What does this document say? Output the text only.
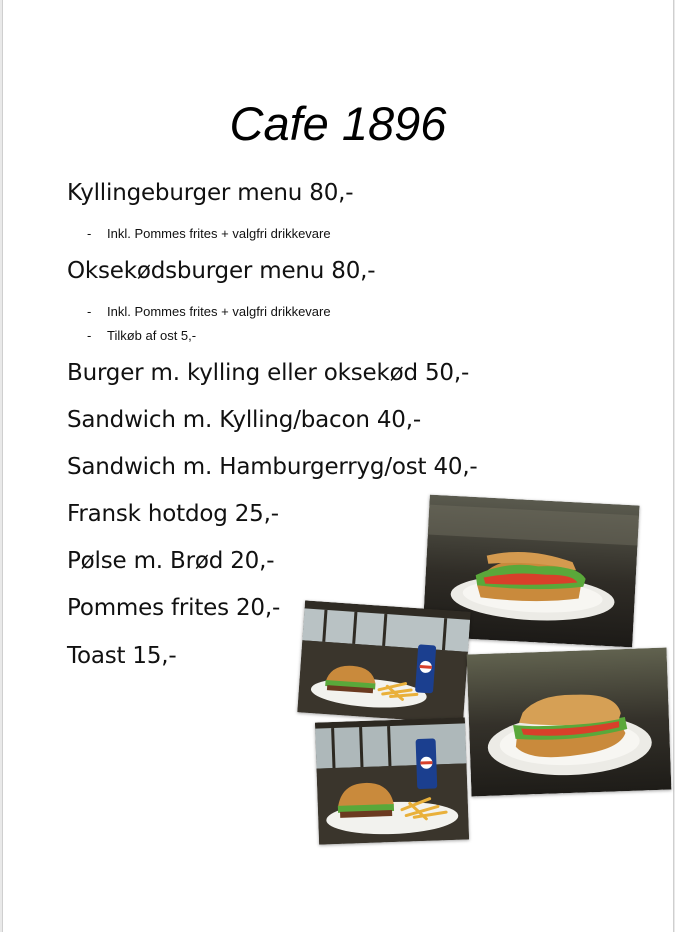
Cafe 1896
Kyllingeburger menu 80,-
- Inkl. Pommes frites + valgfri drikkevare
Oksekødsburger menu 80,-
- Inkl. Pommes frites + valgfri drikkevare
- Tilkøb af ost 5,-
Burger m. kylling eller oksekød 50,-
Sandwich m. Kylling/bacon 40,-
Sandwich m. Hamburgerryg/ost 40,-
Fransk hotdog 25,-
Pølse m. Brød 20,-
Pommes frites 20,-
Toast 15,-
